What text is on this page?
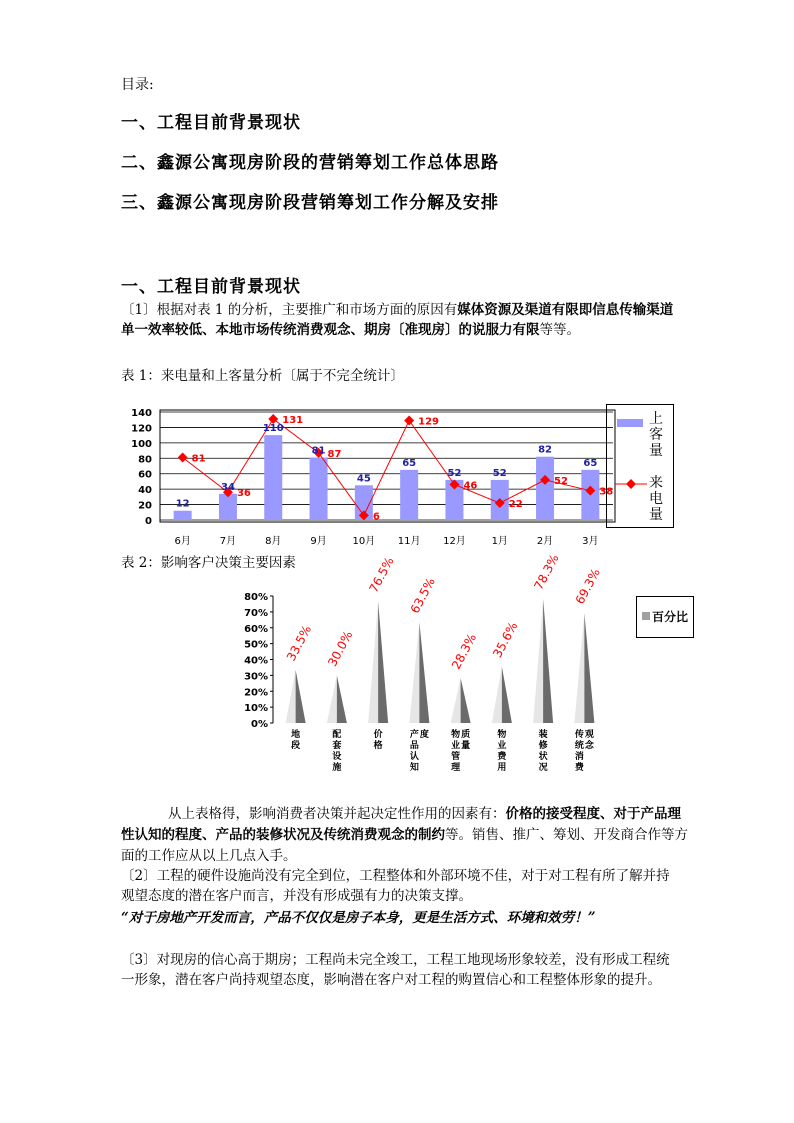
目录:
一、工程目前背景现状
二、鑫源公寓现房阶段的营销筹划工作总体思路
三、鑫源公寓现房阶段营销筹划工作分解及安排
一、工程目前背景现状
〔1〕根据对表 1 的分析，主要推广和市场方面的原因有媒体资源及渠道有限即信息传输渠道单一效率较低、本地市场传统消费观念、期房〔准现房〕的说服力有限等等。
表 1：来电量和上客量分析〔属于不完全统计〕
0
20
40
60
80
100
120
140
6月	7月	8月	9月	10月 11月 12月	1月	2月	3月
12
34
110
81
45
65
52	52
82
65
81
36
131
87
6
129
46
22
52
38
上客量
来电量
表 2：影响客户决策主要因素
0%
10%
20%
30%
40%
50%
60%
70%
80%
33.5% 30.0%
76.5%
63.5%
28.3% 35.6%
78.3% 69.3%
地段
配套设施
价格
产品认知
度 物业管理
质量
物业费用
装修状况
传统消费
观念
百分比
从上表格得，影响消费者决策并起决定性作用的因素有：价格的接受程度、对于产品理性认知的程度、产品的装修状况及传统消费观念的制约等。销售、推广、筹划、开发商合作等方面的工作应从以上几点入手。
〔2〕工程的硬件设施尚没有完全到位，工程整体和外部环境不佳，对于对工程有所了解并持观望态度的潜在客户而言，并没有形成强有力的决策支撑。
“对于房地产开发而言，产品不仅仅是房子本身，更是生活方式、环境和效劳！”
〔3〕对现房的信心高于期房；工程尚未完全竣工，工程工地现场形象较差，没有形成工程统一形象，潜在客户尚持观望态度，影响潜在客户对工程的购置信心和工程整体形象的提升。
